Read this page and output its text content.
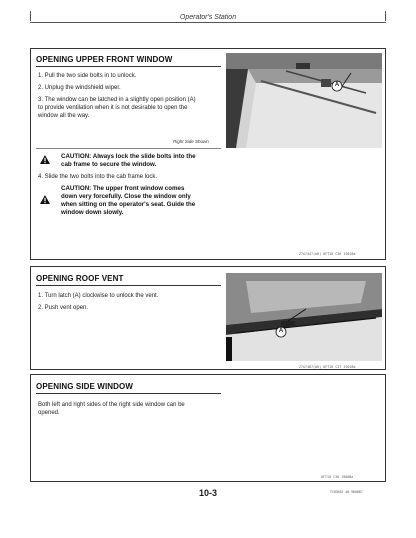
Operator's Station
OPENING UPPER FRONT WINDOW
1. Pull the two side bolts in to unlock.
2. Unplug the windshield wiper.
3. The window can be latched in a slightly open position (A)
to provide ventilation when it is not desirable to open the
window all the way.
Right Side Shown
CAUTION: Always lock the slide bolts into the
cab frame to secure the window.
4. Slide the two bolts into the cab frame lock.
CAUTION: The upper front window comes
down very forcefully. Close the window only
when sitting on the operator's seat. Guide the
window down slowly.
A
Z7A7447(AH) OFT10 C36 1901Ba
OPENING ROOF VENT
1. Turn latch (A) clockwise to unlock the vent.
2. Push vent open.
A
Z7A7487(AH) OFT10 C37 1901Ba
OPENING SIDE WINDOW
Both left and right sides of the right side window can be
opened.
OFT10 C38 1906Ba
10-3	TC03652 40 960087
